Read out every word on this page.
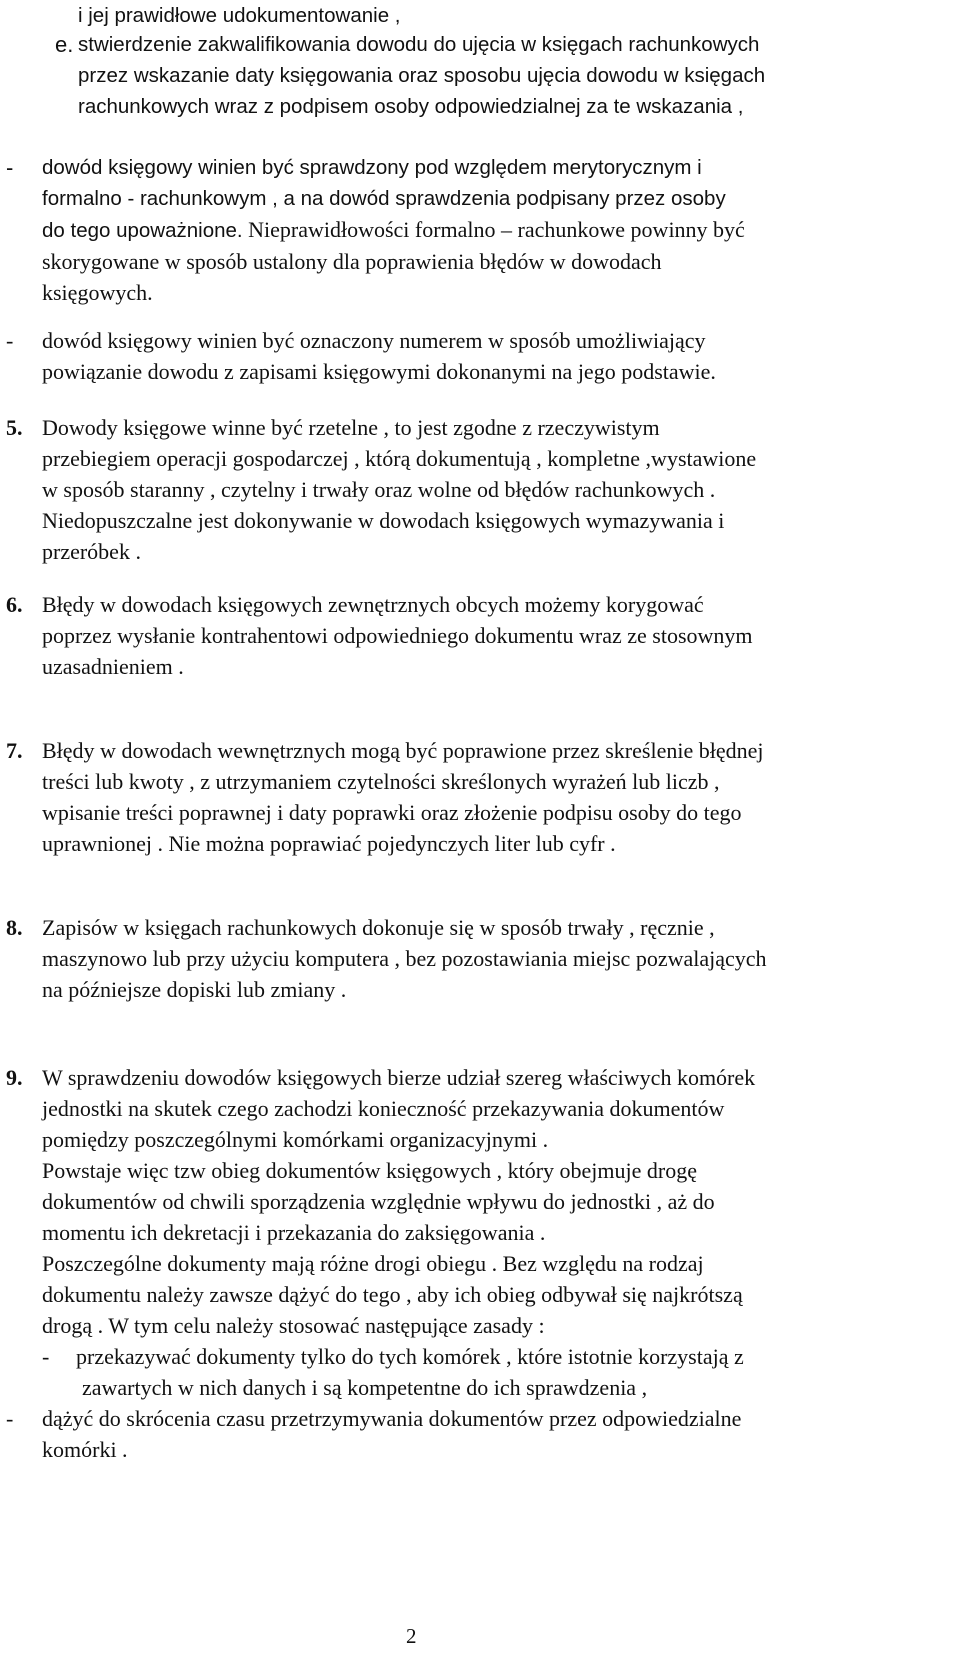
i jej prawidłowe udokumentowanie ,
e. stwierdzenie zakwalifikowania dowodu do ujęcia w księgach rachunkowych
przez wskazanie daty księgowania oraz sposobu ujęcia dowodu w księgach
rachunkowych wraz z podpisem osoby odpowiedzialnej za te wskazania ,
- dowód księgowy winien być sprawdzony pod względem merytorycznym i
formalno - rachunkowym , a na dowód sprawdzenia podpisany przez osoby
do tego upoważnione. Nieprawidłowości formalno – rachunkowe powinny być
skorygowane w sposób ustalony dla poprawienia błędów w dowodach
księgowych.
- dowód księgowy winien być oznaczony numerem w sposób umożliwiający
powiązanie dowodu z zapisami księgowymi dokonanymi na jego podstawie.
5. Dowody księgowe winne być rzetelne , to jest zgodne z rzeczywistym
przebiegiem operacji gospodarczej , którą dokumentują , kompletne ,wystawione
w sposób staranny , czytelny i trwały oraz wolne od błędów rachunkowych .
Niedopuszczalne jest dokonywanie w dowodach księgowych wymazywania i
przeróbek .
6. Błędy w dowodach księgowych zewnętrznych obcych możemy korygować
poprzez wysłanie kontrahentowi odpowiedniego dokumentu wraz ze stosownym
uzasadnieniem .
7. Błędy w dowodach wewnętrznych mogą być poprawione przez skreślenie błędnej
treści lub kwoty , z utrzymaniem czytelności skreślonych wyrażeń lub liczb ,
wpisanie treści poprawnej i daty poprawki oraz złożenie podpisu osoby do tego
uprawnionej . Nie można poprawiać pojedynczych liter lub cyfr .
8. Zapisów w księgach rachunkowych dokonuje się w sposób trwały , ręcznie ,
maszynowo lub przy użyciu komputera , bez pozostawiania miejsc pozwalających
na późniejsze dopiski lub zmiany .
9. W sprawdzeniu dowodów księgowych bierze udział szereg właściwych komórek
jednostki na skutek czego zachodzi konieczność przekazywania dokumentów
pomiędzy poszczególnymi komórkami organizacyjnymi .
Powstaje więc tzw obieg dokumentów księgowych , który obejmuje drogę
dokumentów od chwili sporządzenia względnie wpływu do jednostki , aż do
momentu ich dekretacji i przekazania do zaksięgowania .
Poszczególne dokumenty mają różne drogi obiegu . Bez względu na rodzaj
dokumentu należy zawsze dążyć do tego , aby ich obieg odbywał się najkrótszą
drogą . W tym celu należy stosować następujące zasady :
- przekazywać dokumenty tylko do tych komórek , które istotnie korzystają z
zawartych w nich danych i są kompetentne do ich sprawdzenia ,
- dążyć do skrócenia czasu przetrzymywania dokumentów przez odpowiedzialne
komórki .
2
